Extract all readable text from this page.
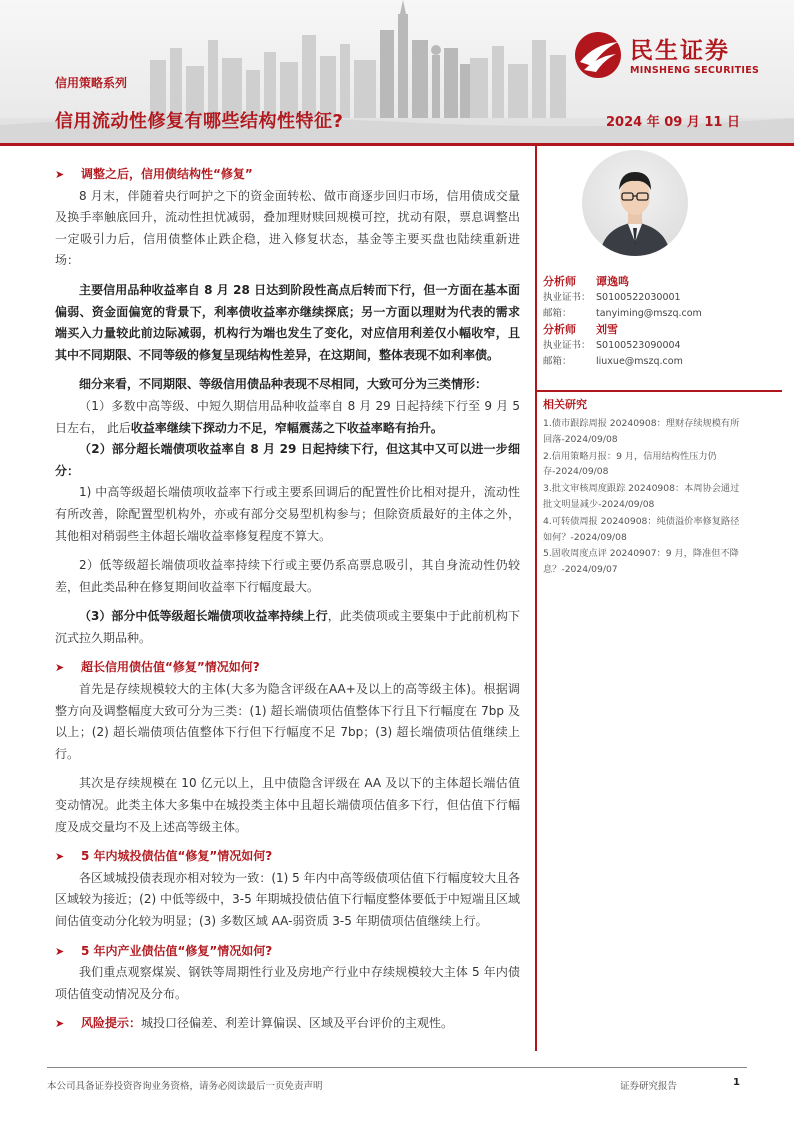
信用策略系列
信用流动性修复有哪些结构性特征?	2024 年 09 月 11 日
民生证券
MINSHENG SECURITIES

➤ 调整之后，信用债结构性“修复”

8 月末，伴随着央行呵护之下的资金面转松、做市商逐步回归市场，信用债成交量及换手率触底回升，流动性担忧减弱，叠加理财赎回规模可控，扰动有限，票息调整出一定吸引力后，信用债整体止跌企稳，进入修复状态，基金等主要买盘也陆续重新进场：

主要信用品种收益率自 8 月 28 日达到阶段性高点后转而下行，但一方面在基本面偏弱、资金面偏宽的背景下，利率债收益率亦继续探底；另一方面以理财为代表的需求端买入力量较此前边际减弱，机构行为端也发生了变化，对应信用利差仅小幅收窄，且其中不同期限、不同等级的修复呈现结构性差异，在这期间，整体表现不如利率债。

细分来看，不同期限、等级信用债品种表现不尽相同，大致可分为三类情形：

（1）多数中高等级、中短久期信用品种收益率自 8 月 29 日起持续下行至 9 月 5 日左右， 此后收益率继续下探动力不足，窄幅震荡之下收益率略有抬升。

（2）部分超长端债项收益率自 8 月 29 日起持续下行，但这其中又可以进一步细分：

1) 中高等级超长端债项收益率下行或主要系回调后的配置性价比相对提升，流动性有所改善，除配置型机构外，亦或有部分交易型机构参与；但除资质最好的主体之外，其他相对稍弱些主体超长端收益率修复程度不算大。

2）低等级超长端债项收益率持续下行或主要仍系高票息吸引，其自身流动性仍较差，但此类品种在修复期间收益率下行幅度最大。

（3）部分中低等级超长端债项收益率持续上行，此类债项或主要集中于此前机构下沉式拉久期品种。

➤ 超长信用债估值“修复”情况如何?

首先是存续规模较大的主体(大多为隐含评级在AA+及以上的高等级主体)。根据调整方向及调整幅度大致可分为三类：(1) 超长端债项估值整体下行且下行幅度在 7bp 及以上；(2) 超长端债项估值整体下行但下行幅度不足 7bp；(3) 超长端债项估值继续上行。

其次是存续规模在 10 亿元以上，且中债隐含评级在 AA 及以下的主体超长端估值变动情况。此类主体大多集中在城投类主体中且超长端债项估值多下行，但估值下行幅度及成交量均不及上述高等级主体。

➤ 5 年内城投债估值“修复”情况如何?

各区域城投债表现亦相对较为一致：(1) 5 年内中高等级债项估值下行幅度较大且各区域较为接近；(2) 中低等级中，3-5 年期城投债估值下行幅度整体要低于中短端且区域间估值变动分化较为明显；(3) 多数区域 AA-弱资质 3-5 年期债项估值继续上行。

➤ 5 年内产业债估值“修复”情况如何?

我们重点观察煤炭、钢铁等周期性行业及房地产行业中存续规模较大主体 5 年内债项估值变动情况及分布。

➤ 风险提示：城投口径偏差、利差计算偏误、区域及平台评价的主观性。

分析师 谭逸鸣
执业证书： S0100522030001
邮箱：	tanyiming@mszq.com
分析师 刘雪
执业证书： S0100523090004
邮箱：	liuxue@mszq.com
相关研究
1.债市跟踪周报 20240908：理财存续规模有所回落-2024/09/08
2.信用策略月报：9 月，信用结构性压力仍存-2024/09/08
3.批文审核周度跟踪 20240908：本周协会通过批文明显减少-2024/09/08
4.可转债周报 20240908：纯债溢价率修复路径如何？-2024/09/08
5.固收周度点评 20240907：9 月，降准但不降息？-2024/09/07
本公司具备证券投资咨询业务资格，请务必阅读最后一页免责声明	证券研究报告	1
